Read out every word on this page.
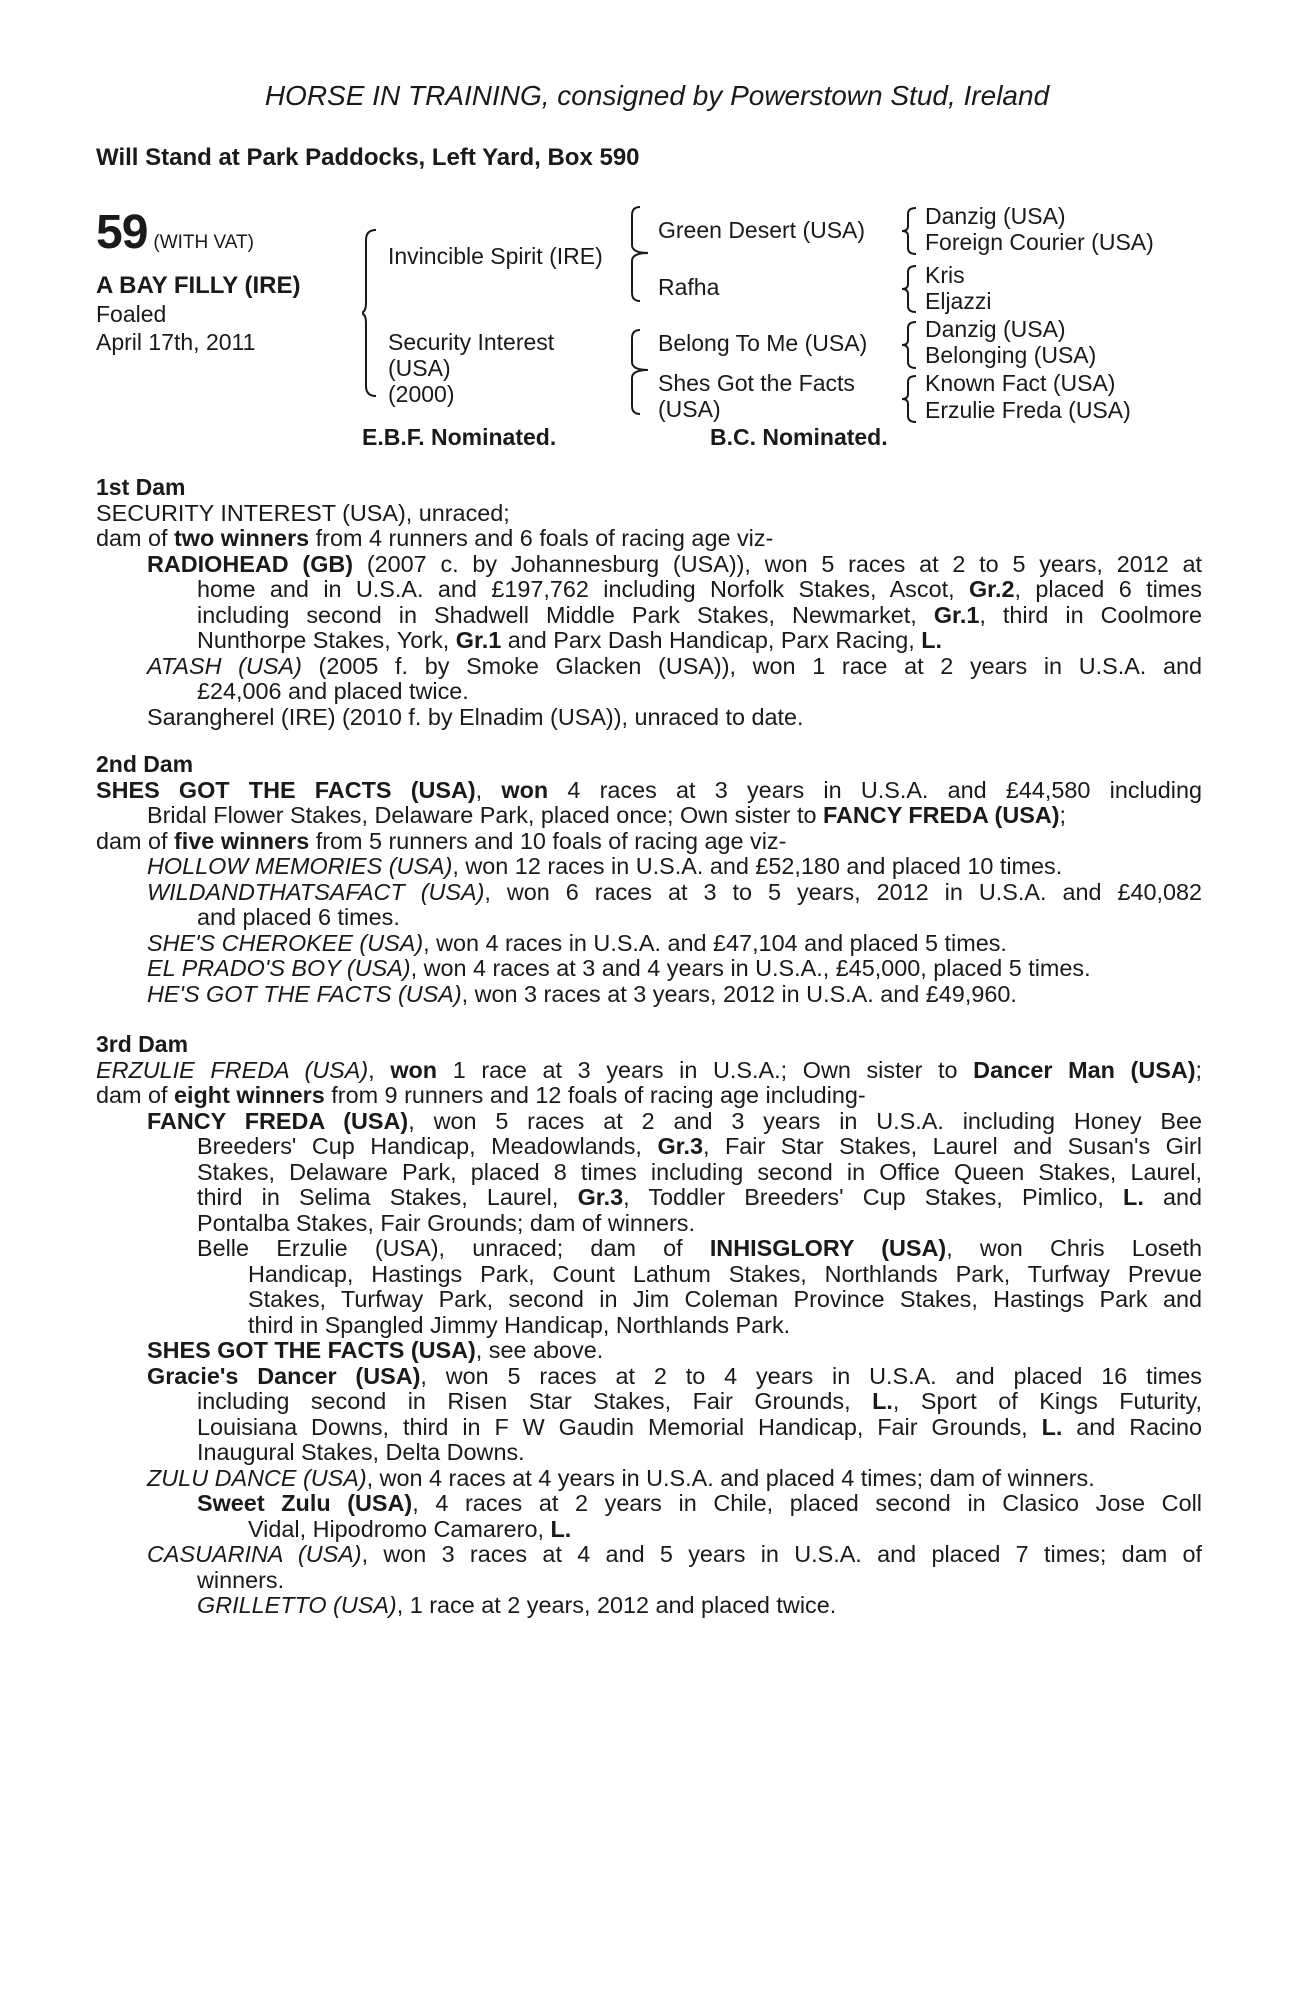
HORSE IN TRAINING, consigned by Powerstown Stud, Ireland
Will Stand at Park Paddocks, Left Yard, Box 590
59 (WITH VAT)
A BAY FILLY (IRE)
Foaled
April 17th, 2011
Invincible Spirit (IRE)
Security Interest
(USA)
(2000)
Green Desert (USA)
Rafha
Belong To Me (USA)
Shes Got the Facts
(USA)
Danzig (USA)
Foreign Courier (USA)
Kris
Eljazzi
Danzig (USA)
Belonging (USA)
Known Fact (USA)
Erzulie Freda (USA)
E.B.F. Nominated.	B.C. Nominated.
1st Dam
SECURITY INTEREST (USA), unraced;
dam of two winners from 4 runners and 6 foals of racing age viz-
RADIOHEAD (GB) (2007 c. by Johannesburg (USA)), won 5 races at 2 to 5 years, 2012 at
home and in U.S.A. and £197,762 including Norfolk Stakes, Ascot, Gr.2, placed 6 times
including second in Shadwell Middle Park Stakes, Newmarket, Gr.1, third in Coolmore
Nunthorpe Stakes, York, Gr.1 and Parx Dash Handicap, Parx Racing, L.
ATASH (USA) (2005 f. by Smoke Glacken (USA)), won 1 race at 2 years in U.S.A. and
£24,006 and placed twice.
Sarangherel (IRE) (2010 f. by Elnadim (USA)), unraced to date.
2nd Dam
SHES GOT THE FACTS (USA), won 4 races at 3 years in U.S.A. and £44,580 including
Bridal Flower Stakes, Delaware Park, placed once; Own sister to FANCY FREDA (USA);
dam of five winners from 5 runners and 10 foals of racing age viz-
HOLLOW MEMORIES (USA), won 12 races in U.S.A. and £52,180 and placed 10 times.
WILDANDTHATSAFACT (USA), won 6 races at 3 to 5 years, 2012 in U.S.A. and £40,082
and placed 6 times.
SHE'S CHEROKEE (USA), won 4 races in U.S.A. and £47,104 and placed 5 times.
EL PRADO'S BOY (USA), won 4 races at 3 and 4 years in U.S.A., £45,000, placed 5 times.
HE'S GOT THE FACTS (USA), won 3 races at 3 years, 2012 in U.S.A. and £49,960.
3rd Dam
ERZULIE FREDA (USA), won 1 race at 3 years in U.S.A.; Own sister to Dancer Man (USA);
dam of eight winners from 9 runners and 12 foals of racing age including-
FANCY FREDA (USA), won 5 races at 2 and 3 years in U.S.A. including Honey Bee
Breeders' Cup Handicap, Meadowlands, Gr.3, Fair Star Stakes, Laurel and Susan's Girl
Stakes, Delaware Park, placed 8 times including second in Office Queen Stakes, Laurel,
third in Selima Stakes, Laurel, Gr.3, Toddler Breeders' Cup Stakes, Pimlico, L. and
Pontalba Stakes, Fair Grounds; dam of winners.
Belle Erzulie (USA), unraced; dam of INHISGLORY (USA), won Chris Loseth
Handicap, Hastings Park, Count Lathum Stakes, Northlands Park, Turfway Prevue
Stakes, Turfway Park, second in Jim Coleman Province Stakes, Hastings Park and
third in Spangled Jimmy Handicap, Northlands Park.
SHES GOT THE FACTS (USA), see above.
Gracie's Dancer (USA), won 5 races at 2 to 4 years in U.S.A. and placed 16 times
including second in Risen Star Stakes, Fair Grounds, L., Sport of Kings Futurity,
Louisiana Downs, third in F W Gaudin Memorial Handicap, Fair Grounds, L. and Racino
Inaugural Stakes, Delta Downs.
ZULU DANCE (USA), won 4 races at 4 years in U.S.A. and placed 4 times; dam of winners.
Sweet Zulu (USA), 4 races at 2 years in Chile, placed second in Clasico Jose Coll
Vidal, Hipodromo Camarero, L.
CASUARINA (USA), won 3 races at 4 and 5 years in U.S.A. and placed 7 times; dam of
winners.
GRILLETTO (USA), 1 race at 2 years, 2012 and placed twice.
